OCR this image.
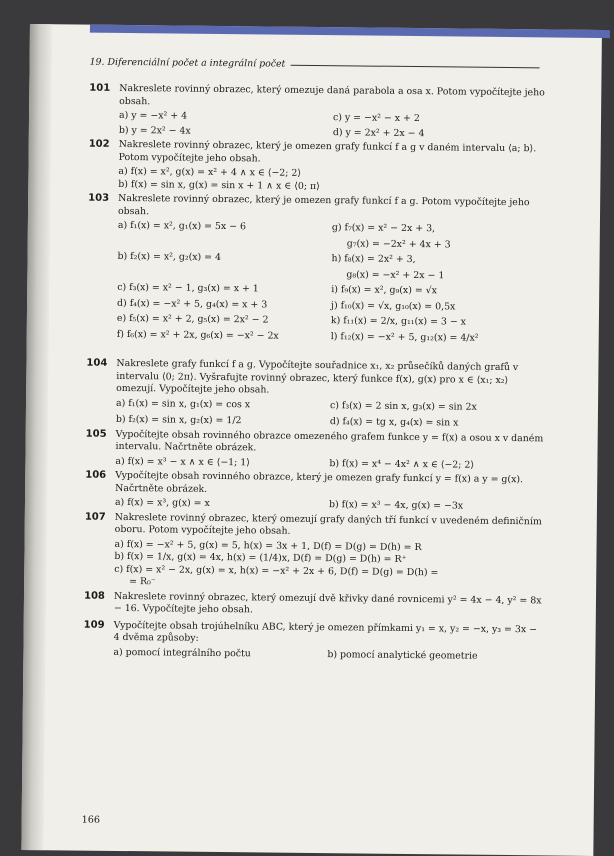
19. Diferenciální počet a integrální počet
101 Nakreslete rovinný obrazec, který omezuje daná parabola a osa x. Potom vypočítejte jeho obsah.
a) y = −x² + 4	c) y = −x² − x + 2
b) y = 2x² − 4x	d) y = 2x² + 2x − 4
102 Nakreslete rovinný obrazec, který je omezen grafy funkcí f a g v daném intervalu ⟨a; b⟩. Potom vypočítejte jeho obsah.
a) f(x) = x², g(x) = x² + 4 ∧ x ∈ ⟨−2; 2⟩
b) f(x) = sin x, g(x) = sin x + 1 ∧ x ∈ ⟨0; π⟩
103 Nakreslete rovinný obrazec, který je omezen grafy funkcí f a g. Potom vypočítejte jeho obsah.
a) f₁(x) = x², g₁(x) = 5x − 6	g) f₇(x) = x² − 2x + 3,
g₇(x) = −2x² + 4x + 3
b) f₂(x) = x², g₂(x) = 4	h) f₈(x) = 2x² + 3,
g₈(x) = −x² + 2x − 1
c) f₃(x) = x² − 1, g₃(x) = x + 1	i) f₉(x) = x², g₉(x) = √x
d) f₄(x) = −x² + 5, g₄(x) = x + 3	j) f₁₀(x) = √x, g₁₀(x) = 0,5x
e) f₅(x) = x² + 2, g₅(x) = 2x² − 2	k) f₁₁(x) = 2/x, g₁₁(x) = 3 − x
f) f₆(x) = x² + 2x, g₆(x) = −x² − 2x	l) f₁₂(x) = −x² + 5, g₁₂(x) = 4/x²
104 Nakreslete grafy funkcí f a g. Vypočítejte souřadnice x₁, x₂ průsečíků daných grafů v intervalu ⟨0; 2π⟩. Vyšrafujte rovinný obrazec, který funkce f(x), g(x) pro x ∈ ⟨x₁; x₂⟩ omezují. Vypočítejte jeho obsah.
a) f₁(x) = sin x, g₁(x) = cos x	c) f₃(x) = 2 sin x, g₃(x) = sin 2x
b) f₂(x) = sin x, g₂(x) = 1/2	d) f₄(x) = tg x, g₄(x) = sin x
105 Vypočítejte obsah rovinného obrazce omezeného grafem funkce y = f(x) a osou x v daném intervalu. Načrtněte obrázek.
a) f(x) = x³ − x ∧ x ∈ ⟨−1; 1⟩	b) f(x) = x⁴ − 4x² ∧ x ∈ ⟨−2; 2⟩
106 Vypočítejte obsah rovinného obrazce, který je omezen grafy funkcí y = f(x) a y = g(x). Načrtněte obrázek.
a) f(x) = x³, g(x) = x	b) f(x) = x³ − 4x, g(x) = −3x
107 Nakreslete rovinný obrazec, který omezují grafy daných tří funkcí v uvedeném definičním oboru. Potom vypočítejte jeho obsah.
a) f(x) = −x² + 5, g(x) = 5, h(x) = 3x + 1, D(f) = D(g) = D(h) = R
b) f(x) = 1/x, g(x) = 4x, h(x) = (1/4)x, D(f) = D(g) = D(h) = R⁺
c) f(x) = x² − 2x, g(x) = x, h(x) = −x² + 2x + 6, D(f) = D(g) = D(h) =
= R₀⁻
108 Nakreslete rovinný obrazec, který omezují dvě křivky dané rovnicemi y² = 4x − 4, y² = 8x − 16. Vypočítejte jeho obsah.
109 Vypočítejte obsah trojúhelníku ABC, který je omezen přímkami y₁ = x, y₂ = −x, y₃ = 3x − 4 dvěma způsoby:
a) pomocí integrálního počtu	b) pomocí analytické geometrie
166
